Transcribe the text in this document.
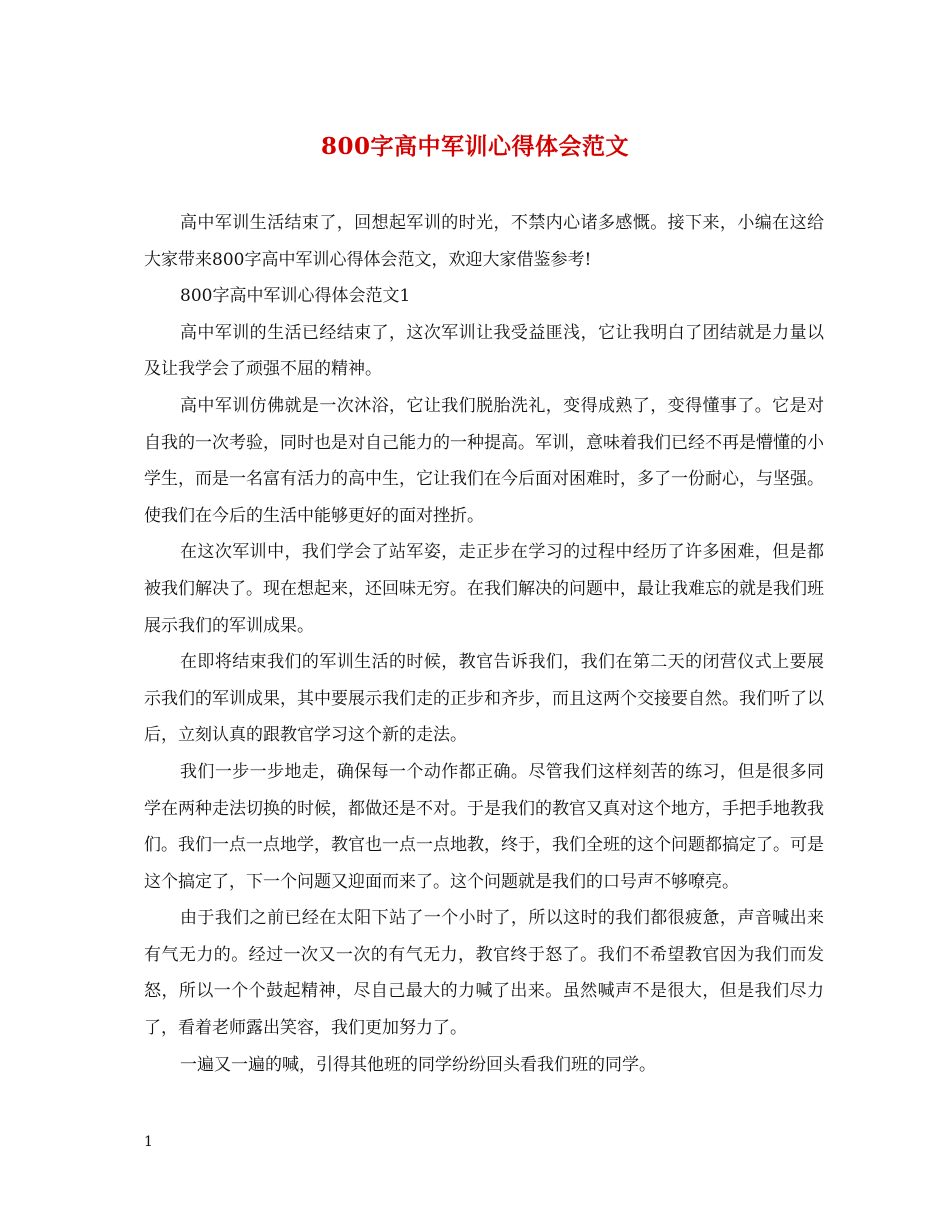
800字高中军训心得体会范文

高中军训生活结束了，回想起军训的时光，不禁内心诸多感慨。接下来，小编在这给大家带来800字高中军训心得体会范文，欢迎大家借鉴参考!

800字高中军训心得体会范文1

高中军训的生活已经结束了，这次军训让我受益匪浅，它让我明白了团结就是力量以及让我学会了顽强不屈的精神。

高中军训仿佛就是一次沐浴，它让我们脱胎洗礼，变得成熟了，变得懂事了。它是对自我的一次考验，同时也是对自己能力的一种提高。军训，意味着我们已经不再是懵懂的小学生，而是一名富有活力的高中生，它让我们在今后面对困难时，多了一份耐心，与坚强。使我们在今后的生活中能够更好的面对挫折。

在这次军训中，我们学会了站军姿，走正步在学习的过程中经历了许多困难，但是都被我们解决了。现在想起来，还回味无穷。在我们解决的问题中，最让我难忘的就是我们班展示我们的军训成果。

在即将结束我们的军训生活的时候，教官告诉我们，我们在第二天的闭营仪式上要展示我们的军训成果，其中要展示我们走的正步和齐步，而且这两个交接要自然。我们听了以后，立刻认真的跟教官学习这个新的走法。

我们一步一步地走，确保每一个动作都正确。尽管我们这样刻苦的练习，但是很多同学在两种走法切换的时候，都做还是不对。于是我们的教官又真对这个地方，手把手地教我们。我们一点一点地学，教官也一点一点地教，终于，我们全班的这个问题都搞定了。可是这个搞定了，下一个问题又迎面而来了。这个问题就是我们的口号声不够嘹亮。

由于我们之前已经在太阳下站了一个小时了，所以这时的我们都很疲惫，声音喊出来有气无力的。经过一次又一次的有气无力，教官终于怒了。我们不希望教官因为我们而发怒，所以一个个鼓起精神，尽自己最大的力喊了出来。虽然喊声不是很大，但是我们尽力了，看着老师露出笑容，我们更加努力了。

一遍又一遍的喊，引得其他班的同学纷纷回头看我们班的同学。

1
